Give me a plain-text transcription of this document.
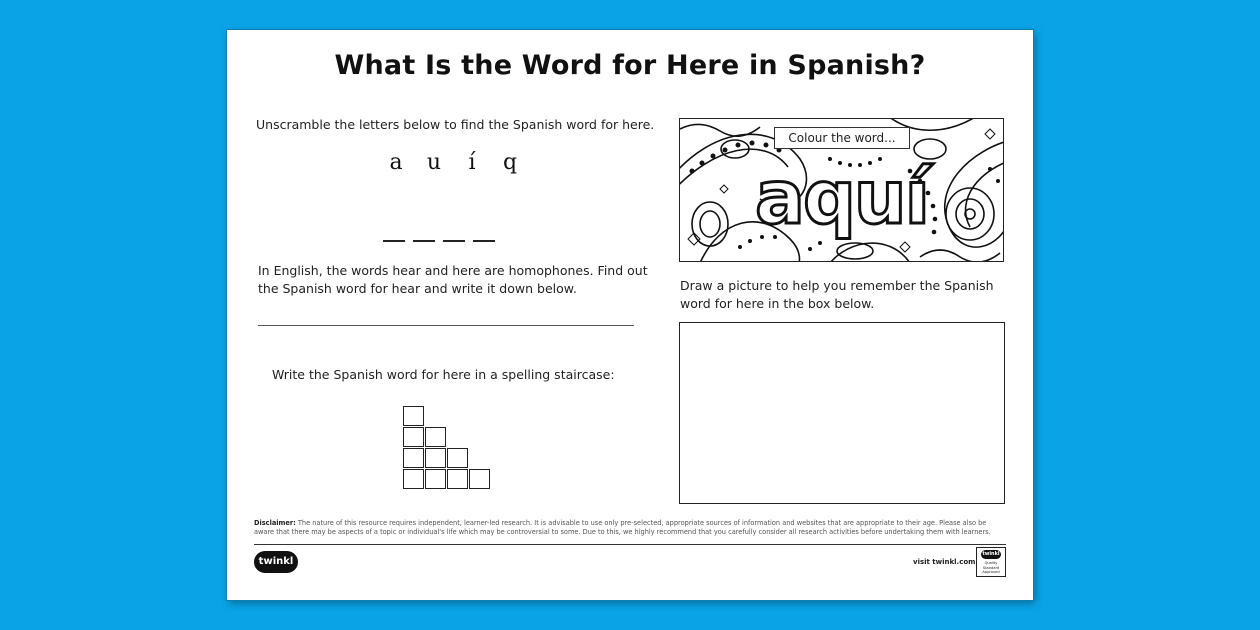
What Is the Word for Here in Spanish?
Unscramble the letters below to find the Spanish word for here.
a u í q
In English, the words hear and here are homophones. Find out
the Spanish word for hear and write it down below.
Write the Spanish word for here in a spelling staircase:
Colour the word...
aquí
Draw a picture to help you remember the Spanish
word for here in the box below.
Disclaimer: The nature of this resource requires independent, learner-led research. It is advisable to use only pre-selected, appropriate sources of information and websites that are appropriate to their age. Please also be aware that there may be aspects of a topic or individual's life which may be controversial to some. Due to this, we highly recommend that you carefully consider all research activities before undertaking them with learners.
twinkl	visit twinkl.com
twinkl
Quality Standard Approved
